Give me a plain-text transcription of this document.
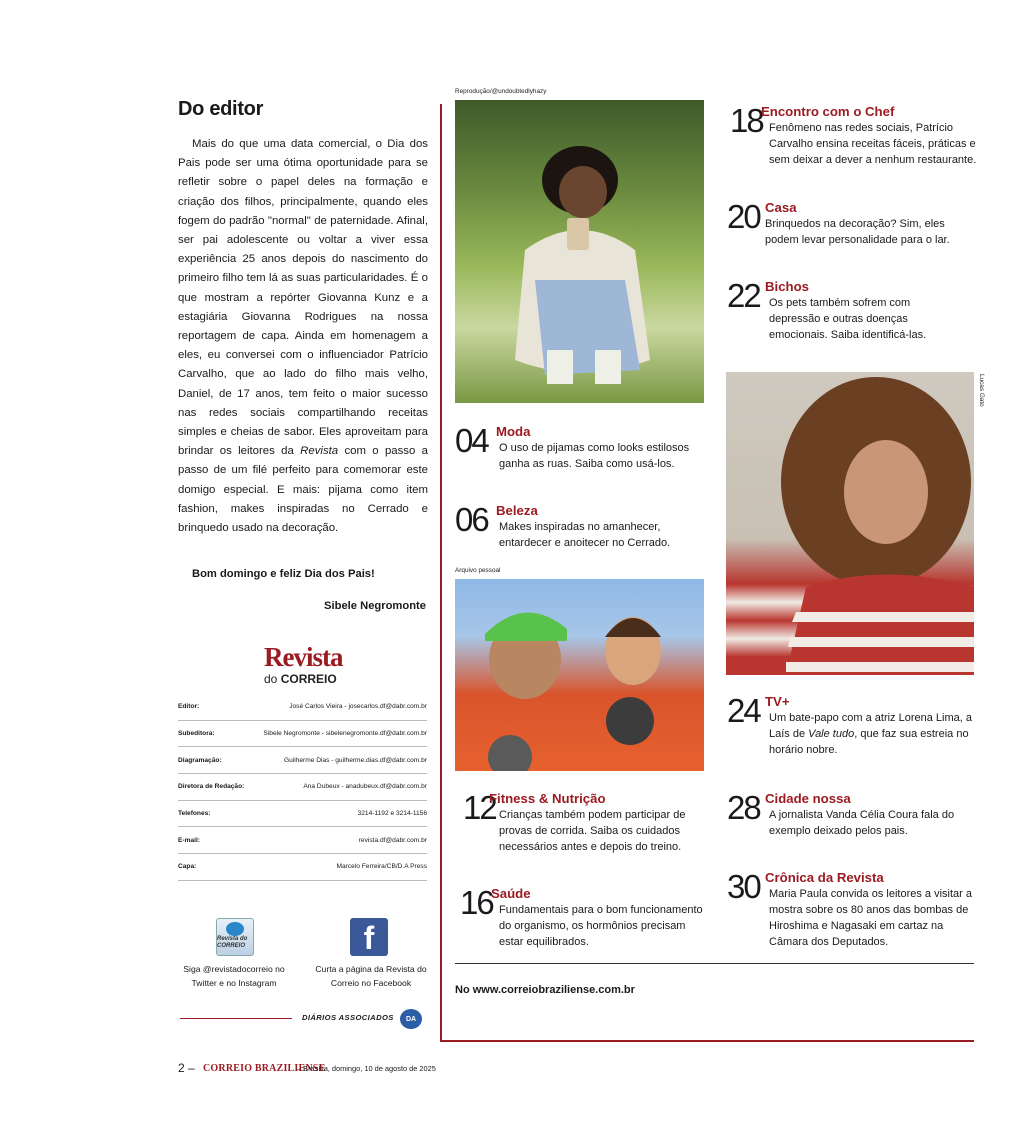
Do editor
Mais do que uma data comercial, o Dia dos Pais pode ser uma ótima oportunidade para se refletir sobre o papel deles na formação e criação dos filhos, principalmente, quando eles fogem do padrão "normal" de paternidade. Afinal, ser pai adolescente ou voltar a viver essa experiência 25 anos depois do nascimento do primeiro filho tem lá as suas particularidades. É o que mostram a repórter Giovanna Kunz e a estagiária Giovanna Rodrigues na nossa reportagem de capa. Ainda em homenagem a eles, eu conversei com o influenciador Patrício Carvalho, que ao lado do filho mais velho, Daniel, de 17 anos, tem feito o maior sucesso nas redes sociais compartilhando receitas simples e cheias de sabor. Eles aproveitam para brindar os leitores da Revista com o passo a passo de um filé perfeito para comemorar este domigo especial. E mais: pijama como item fashion, makes inspiradas no Cerrado e brinquedo usado na decoração.
Bom domingo e feliz Dia dos Pais!
Sibele Negromonte
Revista
do CORREIO
Editor:	José Carlos Vieira - josecarlos.df@dabr.com.br
Subeditora:	Sibele Negromonte - sibelenegromonte.df@dabr.com.br
Diagramação:	Guilherme Dias - guilherme.dias.df@dabr.com.br
Diretora de Redação:	Ana Dubeux - anadubeux.df@dabr.com.br
Telefones:	3214-1192 e 3214-1156
E-mail:	revista.df@dabr.com.br
Capa:	Marcelo Ferreira/CB/D.A Press
Revista do CORREIO	f
Siga @revistadocorreio no Twitter e no Instagram
Curta a página da Revista do Correio no Facebook
DIÁRIOS ASSOCIADOS	DA
No www.correiobraziliense.com.br
Reprodução/@undoubtedlyhazy
Arquivo pessoal
Lucas Gato
04 Moda
O uso de pijamas como looks estilosos ganha as ruas. Saiba como usá-los.
06 Beleza
Makes inspiradas no amanhecer, entardecer e anoitecer no Cerrado.
12
Fitness & Nutrição
Crianças também podem participar de provas de corrida. Saiba os cuidados necessários antes e depois do treino.
16
Saúde
Fundamentais para o bom funcionamento do organismo, os hormônios precisam estar equilibrados.
18
Encontro com o Chef
Fenômeno nas redes sociais, Patrício Carvalho ensina receitas fáceis, práticas e sem deixar a dever a nenhum restaurante.
20 Casa
Brinquedos na decoração? Sim, eles podem levar personalidade para o lar.
22 Bichos
Os pets também sofrem com depressão e outras doenças emocionais. Saiba identificá-las.
24 TV+
Um bate-papo com a atriz Lorena Lima, a Laís de Vale tudo, que faz sua estreia no horário nobre.
28 Cidade nossa
A jornalista Vanda Célia Coura fala do exemplo deixado pelos pais.
30 Crônica da Revista
Maria Paula convida os leitores a visitar a mostra sobre os 80 anos das bombas de Hiroshima e Nagasaki em cartaz na Câmara dos Deputados.
2 – CORREIO BRAZILIENSE
– Brasília, domingo, 10 de agosto de 2025
